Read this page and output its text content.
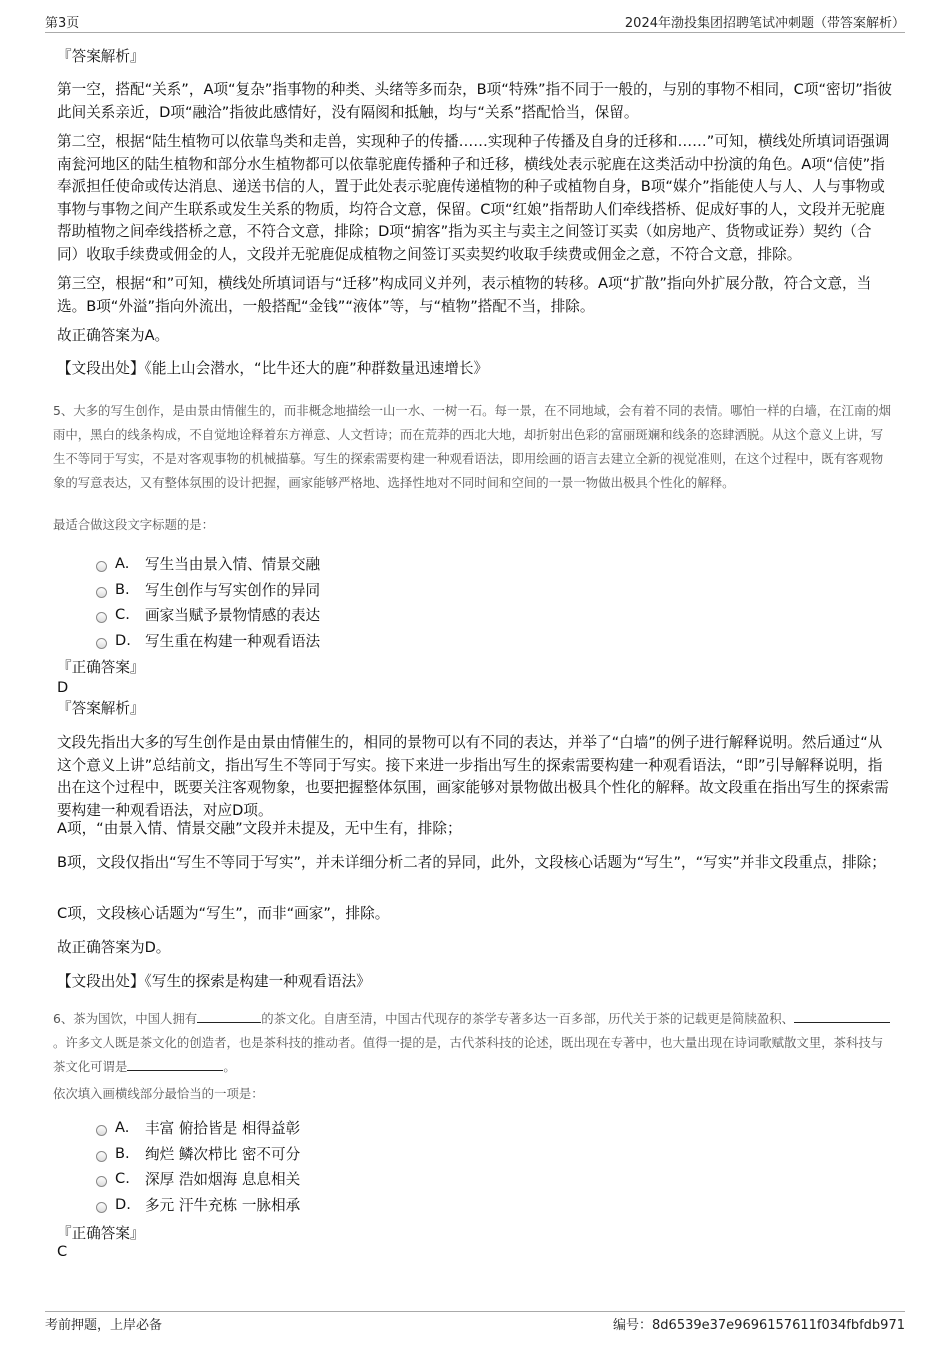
第3页	2024年渤投集团招聘笔试冲刺题（带答案解析）
『答案解析』

第一空，搭配“关系”，A项“复杂”指事物的种类、头绪等多而杂，B项“特殊”指不同于一般的，与别的事物不相同，C项“密切”指彼此间关系亲近，D项“融洽”指彼此感情好，没有隔阂和抵触，均与“关系”搭配恰当，保留。

第二空，根据“陆生植物可以依靠鸟类和走兽，实现种子的传播……实现种子传播及自身的迁移和……”可知，横线处所填词语强调南瓮河地区的陆生植物和部分水生植物都可以依靠驼鹿传播种子和迁移，横线处表示驼鹿在这类活动中扮演的角色。A项“信使”指奉派担任使命或传达消息、递送书信的人，置于此处表示驼鹿传递植物的种子或植物自身，B项“媒介”指能使人与人、人与事物或事物与事物之间产生联系或发生关系的物质，均符合文意，保留。C项“红娘”指帮助人们牵线搭桥、促成好事的人，文段并无驼鹿帮助植物之间牵线搭桥之意，不符合文意，排除；D项“掮客”指为买主与卖主之间签订买卖（如房地产、货物或证券）契约（合同）收取手续费或佣金的人，文段并无驼鹿促成植物之间签订买卖契约收取手续费或佣金之意，不符合文意，排除。

第三空，根据“和”可知，横线处所填词语与“迁移”构成同义并列，表示植物的转移。A项“扩散”指向外扩展分散，符合文意，当选。B项“外溢”指向外流出，一般搭配“金钱”“液体”等，与“植物”搭配不当，排除。

故正确答案为A。

【文段出处】《能上山会潜水，“比牛还大的鹿”种群数量迅速增长》

5、大多的写生创作，是由景由情催生的，而非概念地描绘一山一水、一树一石。每一景，在不同地域，会有着不同的表情。哪怕一样的白墙，在江南的烟雨中，黑白的线条构成，不自觉地诠释着东方禅意、人文哲诗；而在荒莽的西北大地，却折射出色彩的富丽斑斓和线条的恣肆洒脱。从这个意义上讲，写生不等同于写实，不是对客观事物的机械描摹。写生的探索需要构建一种观看语法，即用绘画的语言去建立全新的视觉准则，在这个过程中，既有客观物象的写意表达，又有整体氛围的设计把握，画家能够严格地、选择性地对不同时间和空间的一景一物做出极具个性化的解释。

最适合做这段文字标题的是：

A.	写生当由景入情、情景交融
B.	写生创作与写实创作的异同
C.	画家当赋予景物情感的表达
D. 写生重在构建一种观看语法
『正确答案』
D
『答案解析』

文段先指出大多的写生创作是由景由情催生的，相同的景物可以有不同的表达，并举了“白墙”的例子进行解释说明。然后通过“从这个意义上讲”总结前文，指出写生不等同于写实。接下来进一步指出写生的探索需要构建一种观看语法，“即”引导解释说明，指出在这个过程中，既要关注客观物象，也要把握整体氛围，画家能够对景物做出极具个性化的解释。故文段重在指出写生的探索需要构建一种观看语法，对应D项。

A项，“由景入情、情景交融”文段并未提及，无中生有，排除；

B项，文段仅指出“写生不等同于写实”，并未详细分析二者的异同，此外，文段核心话题为“写生”，“写实”并非文段重点，排除；

C项，文段核心话题为“写生”，而非“画家”，排除。

故正确答案为D。

【文段出处】《写生的探索是构建一种观看语法》

6、茶为国饮，中国人拥有	的茶文化。自唐至清，中国古代现存的茶学专著多达一百多部，历代关于茶的记载更是简牍盈积、。许多文人既是茶文化的创造者，也是茶科技的推动者。值得一提的是，古代茶科技的论述，既出现在专著中，也大量出现在诗词歌赋散文里，茶科技与茶文化可谓是	。

依次填入画横线部分最恰当的一项是：

A.	丰富 俯拾皆是 相得益彰
B.	绚烂 鳞次栉比 密不可分
C.	深厚 浩如烟海 息息相关
D. 多元 汗牛充栋 一脉相承
『正确答案』
C
考前押题，上岸必备	编号：8d6539e37e9696157611f034fbfdb971
